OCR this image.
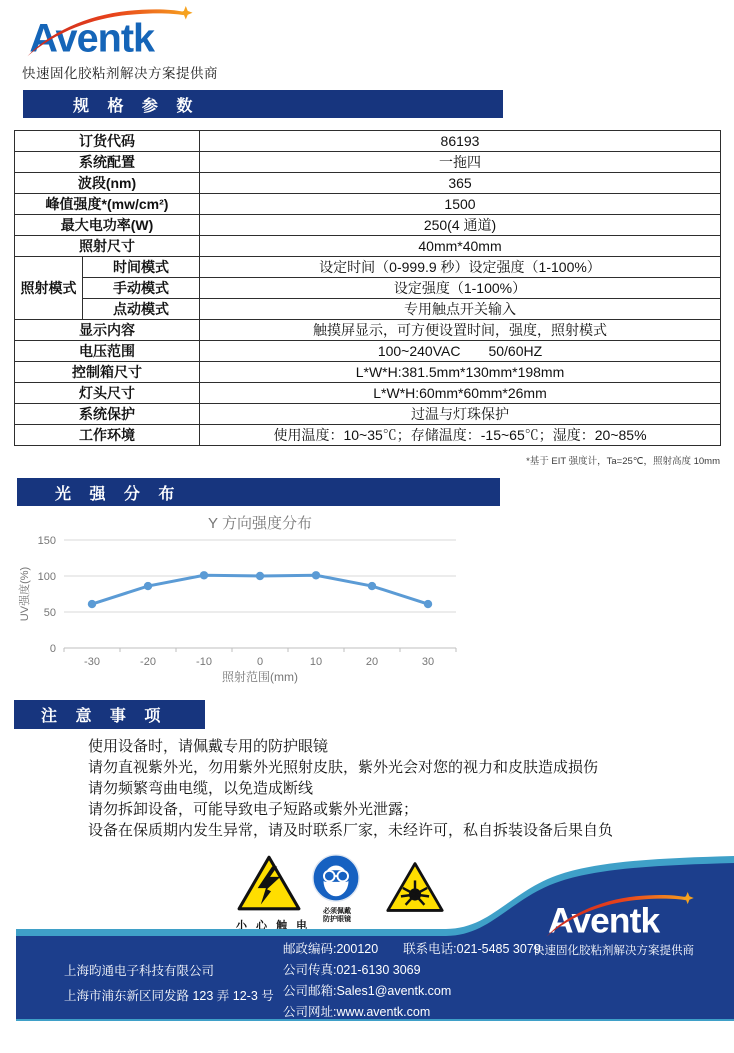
Aventk
快速固化胶粘剂解决方案提供商
规 格 参 数
订货代码		86193
系统配置		一拖四
波段(nm)		365
峰值强度*(mw/cm²)		1500
最大电功率(W)		250(4 通道)
照射尺寸		40mm*40mm
照射模式	时间模式	设定时间（0-999.9 秒）设定强度（1-100%）
	手动模式	设定强度（1-100%）
	点动模式	专用触点开关输入
显示内容		触摸屏显示，可方便设置时间，强度，照射模式
电压范围		100~240VAC　　50/60HZ
控制箱尺寸		L*W*H:381.5mm*130mm*198mm
灯头尺寸		L*W*H:60mm*60mm*26mm
系统保护		过温与灯珠保护
工作环境		使用温度：10~35℃；存储温度：-15~65℃；湿度：20~85%
*基于 EIT 强度计，Ta=25℃，照射高度 10mm
光 强 分 布
0
50
100
150
-30	-20	-10	0	10	20	30
Y 方向强度分布
照射范围(mm)
UV强度(%)
注 意 事 项
使用设备时，请佩戴专用的防护眼镜
请勿直视紫外光，勿用紫外光照射皮肤，紫外光会对您的视力和皮肤造成损伤
请勿频繁弯曲电缆，以免造成断线
请勿拆卸设备，可能导致电子短路或紫外光泄露；
设备在保质期内发生异常，请及时联系厂家，未经许可，私自拆装设备后果自负
小 心 触 电
必须佩戴
防护眼镜
上海昀通电子科技有限公司
上海市浦东新区同发路 123 弄 12-3 号
邮政编码:200120 联系电话:021-5485 3079
公司传真:021-6130 3069
公司邮箱:Sales1@aventk.com
公司网址:www.aventk.com
Aventk
快速固化胶粘剂解决方案提供商
